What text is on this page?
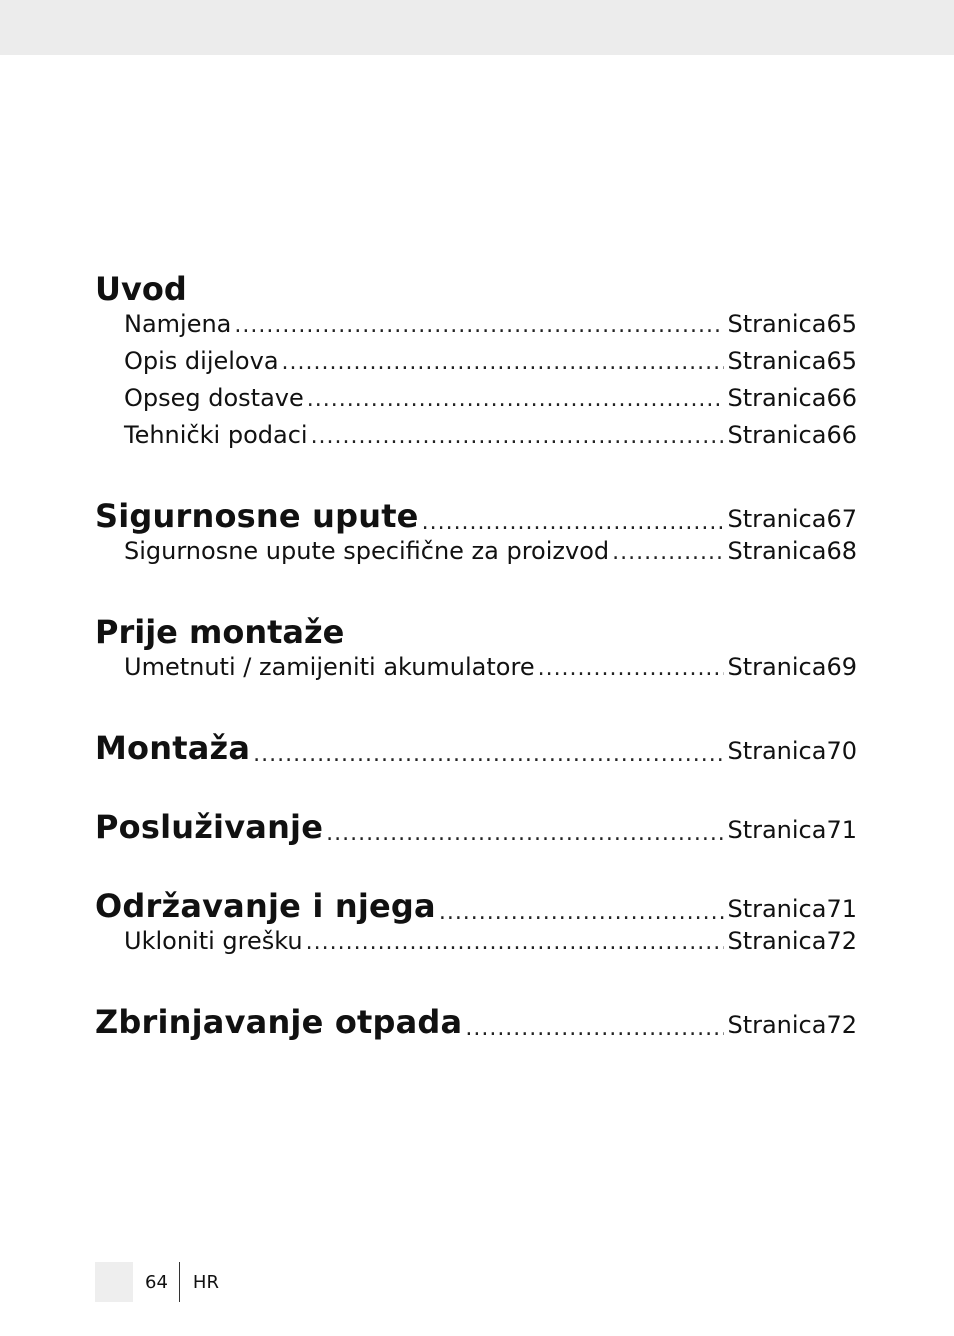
Uvod
Namjena .....	Stranica 65
Opis dijelova .....	Stranica 65
Opseg dostave .....	Stranica 66
Tehnički podaci .....	Stranica 66
Sigurnosne upute .....	Stranica 67
Sigurnosne upute specifične za proizvod .....	Stranica 68
Prije montaže
Umetnuti / zamijeniti akumulatore .....	Stranica 69
Montaža .....	Stranica 70
Posluživanje .....	Stranica 71
Održavanje i njega .....	Stranica 71
Ukloniti grešku .....	Stranica 72
Zbrinjavanje otpada .....	Stranica 72
64 HR
